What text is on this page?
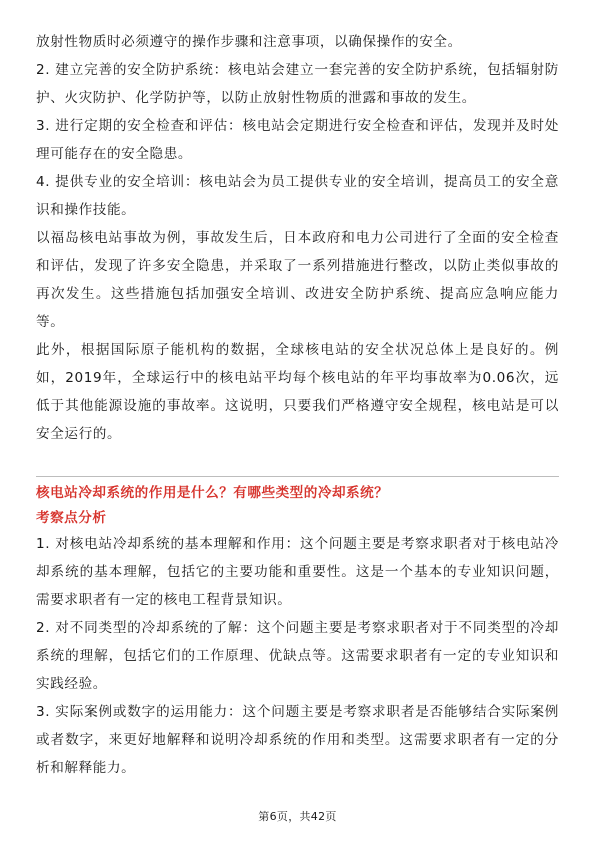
放射性物质时必须遵守的操作步骤和注意事项，以确保操作的安全。

2. 建立完善的安全防护系统：核电站会建立一套完善的安全防护系统，包括辐射防护、火灾防护、化学防护等，以防止放射性物质的泄露和事故的发生。

3. 进行定期的安全检查和评估：核电站会定期进行安全检查和评估，发现并及时处理可能存在的安全隐患。

4. 提供专业的安全培训：核电站会为员工提供专业的安全培训，提高员工的安全意识和操作技能。

以福岛核电站事故为例，事故发生后，日本政府和电力公司进行了全面的安全检查和评估，发现了许多安全隐患，并采取了一系列措施进行整改，以防止类似事故的再次发生。这些措施包括加强安全培训、改进安全防护系统、提高应急响应能力等。

此外，根据国际原子能机构的数据，全球核电站的安全状况总体上是良好的。例如，2019年，全球运行中的核电站平均每个核电站的年平均事故率为0.06次，远低于其他能源设施的事故率。这说明，只要我们严格遵守安全规程，核电站是可以安全运行的。

核电站冷却系统的作用是什么？有哪些类型的冷却系统？
考察点分析

1. 对核电站冷却系统的基本理解和作用：这个问题主要是考察求职者对于核电站冷却系统的基本理解，包括它的主要功能和重要性。这是一个基本的专业知识问题，需要求职者有一定的核电工程背景知识。

2. 对不同类型的冷却系统的了解：这个问题主要是考察求职者对于不同类型的冷却系统的理解，包括它们的工作原理、优缺点等。这需要求职者有一定的专业知识和实践经验。

3. 实际案例或数字的运用能力：这个问题主要是考察求职者是否能够结合实际案例或者数字，来更好地解释和说明冷却系统的作用和类型。这需要求职者有一定的分析和解释能力。

第6页，共42页
